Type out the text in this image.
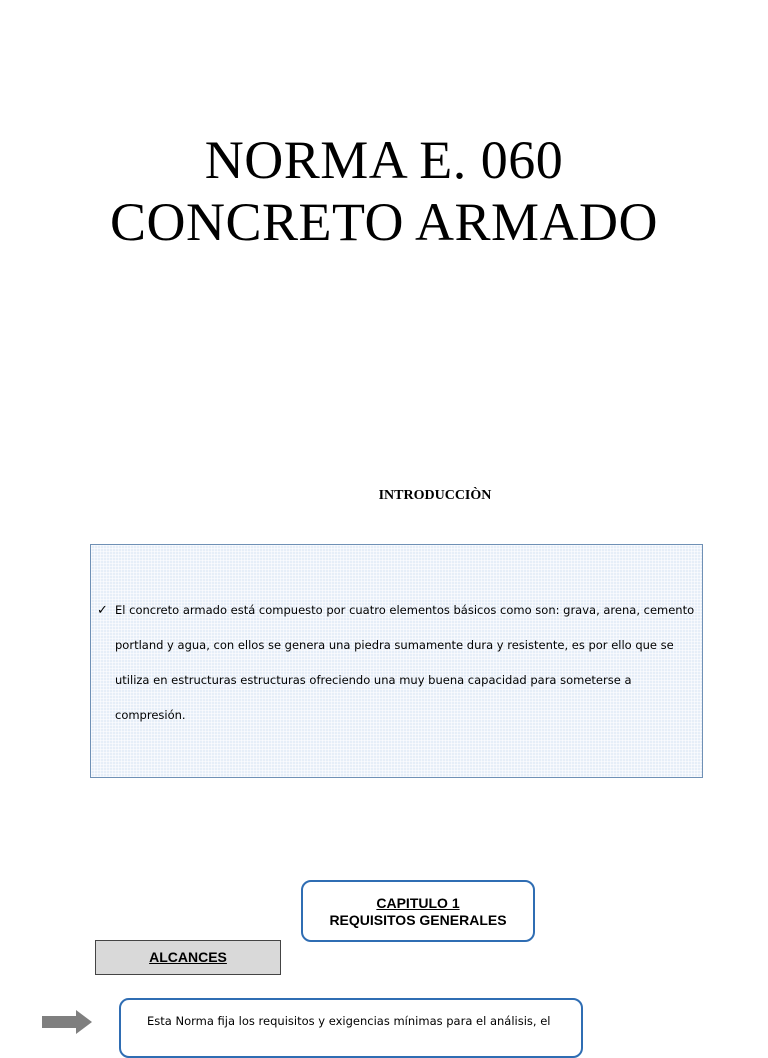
NORMA E. 060
CONCRETO ARMADO
INTRODUCCIÒN
✓ El concreto armado está compuesto por cuatro elementos básicos como son: grava, arena, cemento portland y agua, con ellos se genera una piedra sumamente dura y resistente, es por ello que se utiliza en estructuras estructuras ofreciendo una muy buena capacidad para someterse a compresión.
CAPITULO 1
REQUISITOS GENERALES
ALCANCES
Esta Norma fija los requisitos y exigencias mínimas para el análisis, el
